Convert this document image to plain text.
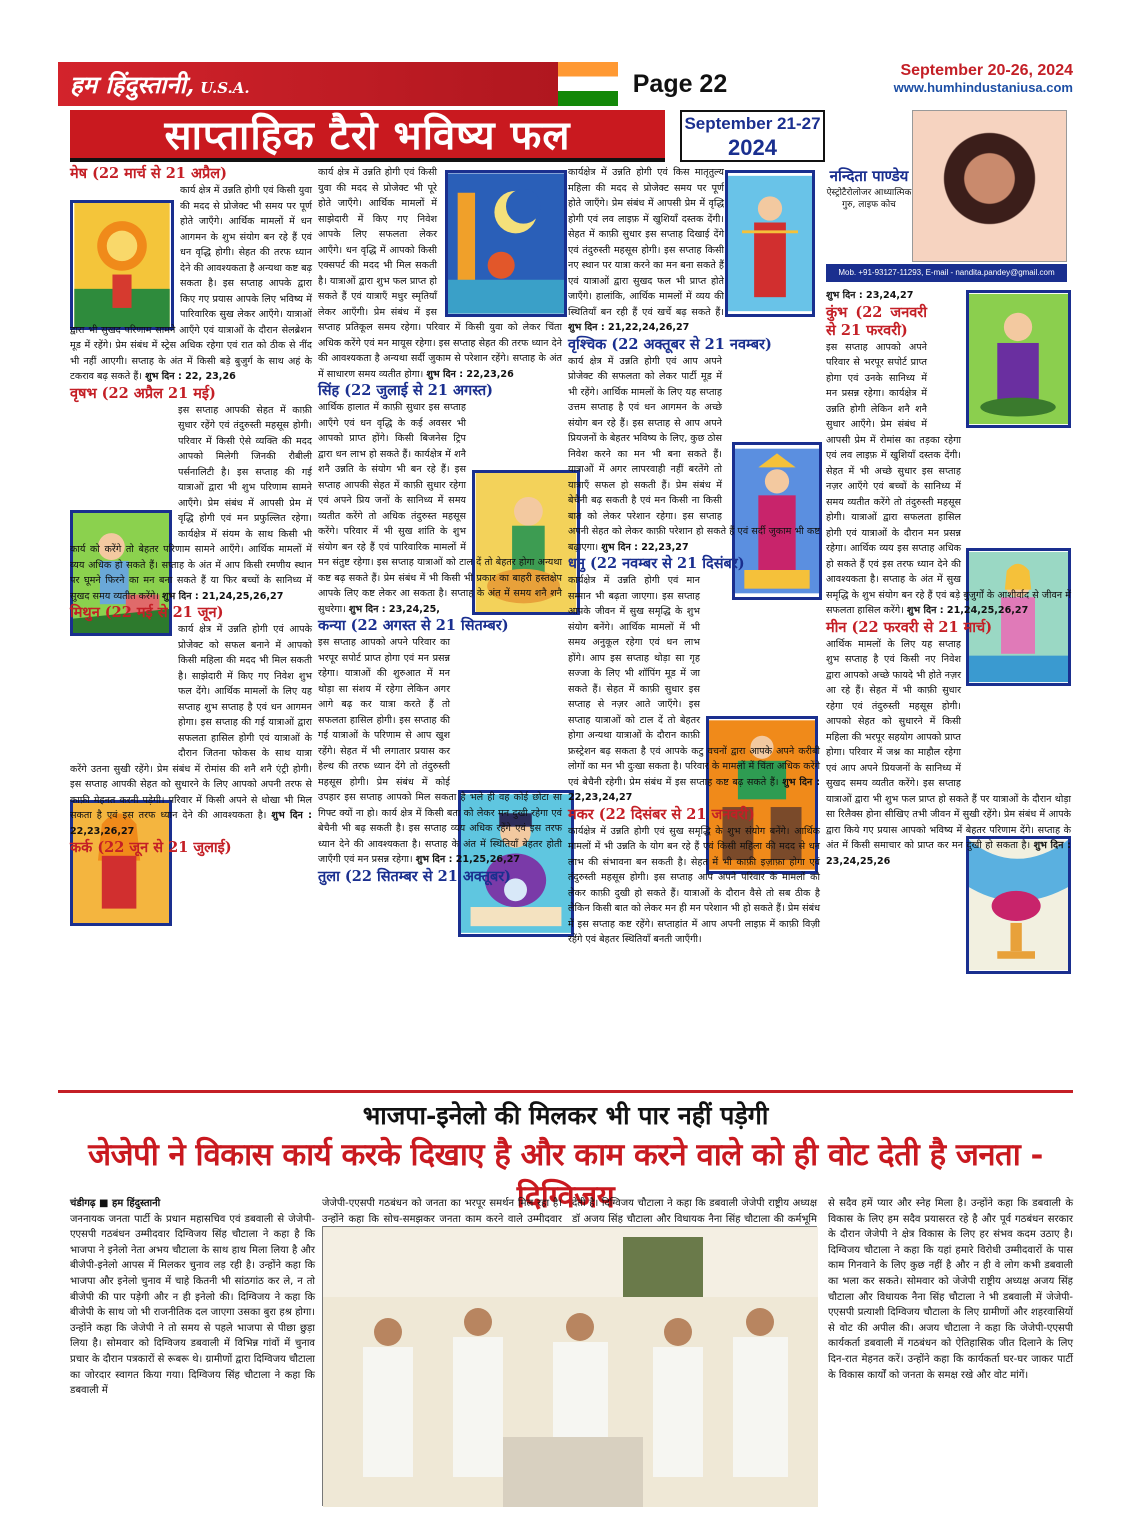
हम हिंदुस्तानी, U.S.A.	Page 22	September 20-26, 2024
www.humhindustaniusa.com
साप्ताहिक टैरो भविष्य फल	September 21-27
2024
नन्दिता पाण्डेय
ऐस्ट्रोटैरोलोजर आध्यात्मिक गुरु, लाइफ कोच
Mob. +91-93127-11293, E-mail - nandita.pandey@gmail.com
मेष (22 मार्च से 21 अप्रैल)
कार्य क्षेत्र में उन्नति होगी एवं किसी युवा की मदद से प्रोजेक्ट भी समय पर पूर्ण होते जाएँगे। आर्थिक मामलों में धन आगमन के शुभ संयोग बन रहे हैं एवं धन वृद्धि होगी। सेहत की तरफ ध्यान देने की आवश्यकता है अन्यथा कष्ट बढ़ सकता है। इस सप्ताह आपके द्वारा किए गए प्रयास आपके लिए भविष्य में पारिवारिक सुख लेकर आएँगे। यात्राओं द्वारा भी सुखद परिणाम सामने आएँगे एवं यात्राओं के दौरान सेलब्रेशन मूड में रहेंगे। प्रेम संबंध में स्ट्रेस अधिक रहेगा एवं रात को ठीक से नींद भी नहीं आएगी। सप्ताह के अंत में किसी बड़े बुजुर्ग के साथ अहं के टकराव बढ़ सकते हैं। शुभ दिन : 22, 23,26
वृषभ (22 अप्रैल 21 मई)
इस सप्ताह आपकी सेहत में काफ़ी सुधार रहेंगे एवं तंदुरुस्ती महसूस होगी। परिवार में किसी ऐसे व्यक्ति की मदद आपको मिलेगी जिनकी रौबीली पर्सनालिटी है। इस सप्ताह की गई यात्राओं द्वारा भी शुभ परिणाम सामने आएँगे। प्रेम संबंध में आपसी प्रेम में वृद्धि होगी एवं मन प्रफुल्लित रहेगा। कार्यक्षेत्र में संयम के साथ किसी भी कार्य को करेंगे तो बेहतर परिणाम सामने आएँगे। आर्थिक मामलों में व्यय अधिक हो सकते हैं। सप्ताह के अंत में आप किसी रमणीय स्थान पर घूमने फिरने का मन बना सकते हैं या फिर बच्चों के सानिध्य में सुखद समय व्यतीत करेंगे। शुभ दिन : 21,24,25,26,27
मिथुन (22 मई से 21 जून)
कार्य क्षेत्र में उन्नति होगी एवं आपके प्रोजेक्ट को सफल बनाने में आपको किसी महिला की मदद भी मिल सकती है। साझेदारी में किए गए निवेश शुभ फल देंगे। आर्थिक मामलों के लिए यह सप्ताह शुभ सप्ताह है एवं धन आगमन होगा। इस सप्ताह की गई यात्राओं द्वारा सफलता हासिल होगी एवं यात्राओं के दौरान जितना फोकस के साथ यात्रा करेंगे उतना सुखी रहेंगे। प्रेम संबंध में रोमांस की शनै शनै एंट्री होगी। इस सप्ताह आपकी सेहत को सुधारने के लिए आपको अपनी तरफ से काफ़ी मेहनत करनी पड़ेगी। परिवार में किसी अपने से धोखा भी मिल सकता है एवं इस तरफ ध्यान देने की आवश्यकता है। शुभ दिन : 22,23,26,27
कर्क (22 जून से 21 जुलाई)
कार्य क्षेत्र में उन्नति होगी एवं किसी युवा की मदद से प्रोजेक्ट भी पूरे होते जाएँगे। आर्थिक मामलों में साझेदारी में किए गए निवेश आपके लिए सफलता लेकर आएँगे। धन वृद्धि में आपको किसी एक्सपर्ट की मदद भी मिल सकती है। यात्राओं द्वारा शुभ फल प्राप्त हो सकते हैं एवं यात्राएँ मधुर स्मृतियाँ लेकर आएँगी। प्रेम संबंध में इस सप्ताह प्रतिकूल समय रहेगा। परिवार में किसी युवा को लेकर चिंता अधिक करेंगे एवं मन मायूस रहेगा। इस सप्ताह सेहत की तरफ ध्यान देने की आवश्यकता है अन्यथा सर्दी जुकाम से परेशान रहेंगे। सप्ताह के अंत में साधारण समय व्यतीत होगा। शुभ दिन : 22,23,26
सिंह (22 जुलाई से 21 अगस्त)
आर्थिक हालात में काफ़ी सुधार इस सप्ताह आएँगे एवं धन वृद्धि के कई अवसर भी आपको प्राप्त होंगे। किसी बिजनेस ट्रिप द्वारा धन लाभ हो सकते हैं। कार्यक्षेत्र में शनै शनै उन्नति के संयोग भी बन रहे हैं। इस सप्ताह आपकी सेहत में काफ़ी सुधार रहेगा एवं अपने प्रिय जनों के सानिध्य में समय व्यतीत करेंगे तो अधिक तंदुरुस्त महसूस करेंगे। परिवार में भी सुख शांति के शुभ संयोग बन रहे हैं एवं पारिवारिक मामलों में मन संतुष्ट रहेगा। इस सप्ताह यात्राओं को टाल दें तो बेहतर होगा अन्यथा कष्ट बढ़ सकते हैं। प्रेम संबंध में भी किसी भी प्रकार का बाहरी हस्तक्षेप आपके लिए कष्ट लेकर आ सकता है। सप्ताह के अंत में समय शनै शनै सुधरेगा। शुभ दिन : 23,24,25,
कन्या (22 अगस्त से 21 सितम्बर)
इस सप्ताह आपको अपने परिवार का भरपूर सपोर्ट प्राप्त होगा एवं मन प्रसन्न रहेगा। यात्राओं की शुरुआत में मन थोड़ा सा संशय में रहेगा लेकिन अगर आगे बढ़ कर यात्रा करते हैं तो सफलता हासिल होगी। इस सप्ताह की गई यात्राओं के परिणाम से आप खुश रहेंगे। सेहत में भी लगातार प्रयास कर हेल्थ की तरफ ध्यान देंगे तो तंदुरुस्ती महसूस होगी। प्रेम संबंध में कोई उपहार इस सप्ताह आपको मिल सकता है भले ही वह कोई छोटा सा गिफ्ट क्यों ना हो। कार्य क्षेत्र में किसी बता को लेकर मन दुखी रहेगा एवं बेचैनी भी बढ़ सकती है। इस सप्ताह व्यय अधिक रहेंगे एवं इस तरफ ध्यान देने की आवश्यकता है। सप्ताह के अंत में स्थितियाँ बेहतर होती जाएँगी एवं मन प्रसन्न रहेगा। शुभ दिन : 21,25,26,27
तुला (22 सितम्बर से 21 अक्तूबर)
कार्यक्षेत्र में उन्नति होगी एवं किस मातृतुल्य महिला की मदद से प्रोजेक्ट समय पर पूर्ण होते जाएँगे। प्रेम संबंध में आपसी प्रेम में वृद्धि होगी एवं लव लाइफ़ में खुशियाँ दस्तक देंगी। सेहत में काफ़ी सुधार इस सप्ताह दिखाई देंगे एवं तंदुरुस्ती महसूस होगी। इस सप्ताह किसी नए स्थान पर यात्रा करने का मन बना सकते हैं एवं यात्राओं द्वारा सुखद फल भी प्राप्त होते जाएँगे। हालांकि, आर्थिक मामलों में व्यय की स्थितियाँ बन रही हैं एवं खर्चे बढ़ सकते हैं। शुभ दिन : 21,22,24,26,27
वृश्चिक (22 अक्तूबर से 21 नवम्बर)
कार्य क्षेत्र में उन्नति होगी एवं आप अपने प्रोजेक्ट की सफलता को लेकर पार्टी मूड में भी रहेंगे। आर्थिक मामलों के लिए यह सप्ताह उत्तम सप्ताह है एवं धन आगमन के अच्छे संयोग बन रहे हैं। इस सप्ताह से आप अपने प्रियजनों के बेहतर भविष्य के लिए, कुछ ठोस निवेश करने का मन भी बना सकते हैं। यात्राओं में अगर लापरवाही नहीं बरतेंगे तो यात्राएँ सफल हो सकती हैं। प्रेम संबंध में बेचैनी बढ़ सकती है एवं मन किसी ना किसी बात को लेकर परेशान रहेगा। इस सप्ताह अपनी सेहत को लेकर काफ़ी परेशान हो सकते हैं एवं सर्दी जुकाम भी कष्ट बढ़ाएगा। शुभ दिन : 22,23,27
धनु (22 नवम्बर से 21 दिसंबर)
कार्यक्षेत्र में उन्नति होगी एवं मान सम्मान भी बढ़ता जाएगा। इस सप्ताह आपके जीवन में सुख समृद्धि के शुभ संयोग बनेंगे। आर्थिक मामलों में भी समय अनुकूल रहेगा एवं धन लाभ होंगे। आप इस सप्ताह थोड़ा सा गृह सज्जा के लिए भी शॉपिंग मूड में जा सकते हैं। सेहत में काफ़ी सुधार इस सप्ताह से नज़र आते जाएँगे। इस सप्ताह यात्राओं को टाल दें तो बेहतर होगा अन्यथा यात्राओं के दौरान काफ़ी फ्रस्ट्रेशन बढ़ सकता है एवं आपके कटु वचनों द्वारा आपके अपने करीबी लोगों का मन भी दुःखा सकता है। परिवार के मामलों में चिंता अधिक करेंगे एवं बेचैनी रहेगी। प्रेम संबंध में इस सप्ताह कष्ट बढ़ सकते हैं। शुभ दिन : 22,23,24,27
मकर (22 दिसंबर से 21 जनवरी)
कार्यक्षेत्र में उन्नति होगी एवं सुख समृद्धि के शुभ संयोग बनेंगे। आर्थिक मामलों में भी उन्नति के योग बन रहे हैं एवं किसी महिला की मदद से धन लाभ की संभावना बन सकती है। सेहत में भी काफ़ी इज़ाफ़ा होगा एवं तंदुरुस्ती महसूस होगी। इस सप्ताह आप अपने परिवार के मामलों को लेकर काफ़ी दुखी हो सकते हैं। यात्राओं के दौरान वैसे तो सब ठीक है लेकिन किसी बात को लेकर मन ही मन परेशान भी हो सकते हैं। प्रेम संबंध में इस सप्ताह कष्ट रहेंगे। सप्ताहांत में आप अपनी लाइफ़ में काफ़ी विज़ी रहेंगे एवं बेहतर स्थितियाँ बनती जाएँगी।
शुभ दिन : 23,24,27
कुंभ (22 जनवरी से 21 फरवरी)
इस सप्ताह आपको अपने परिवार से भरपूर सपोर्ट प्राप्त होगा एवं उनके सानिध्य में मन प्रसन्न रहेगा। कार्यक्षेत्र में उन्नति होगी लेकिन शनै शनै सुधार आएँगे। प्रेम संबंध में आपसी प्रेम में रोमांस का तड़का रहेगा एवं लव लाइफ़ में खुशियाँ दस्तक देंगी। सेहत में भी अच्छे सुधार इस सप्ताह नज़र आएँगे एवं बच्चों के सानिध्य में समय व्यतीत करेंगे तो तंदुरुस्ती महसूस होगी। यात्राओं द्वारा सफलता हासिल होगी एवं यात्राओं के दौरान मन प्रसन्न रहेगा। आर्थिक व्यय इस सप्ताह अधिक हो सकते हैं एवं इस तरफ ध्यान देने की आवश्यकता है। सप्ताह के अंत में सुख समृद्धि के शुभ संयोग बन रहे हैं एवं बड़े बुजुर्गों के आशीर्वाद से जीवन में सफलता हासिल करेंगे। शुभ दिन : 21,24,25,26,27
मीन (22 फरवरी से 21 मार्च)
आर्थिक मामलों के लिए यह सप्ताह शुभ सप्ताह है एवं किसी नए निवेश द्वारा आपको अच्छे फायदे भी होते नज़र आ रहे हैं। सेहत में भी काफ़ी सुधार रहेगा एवं तंदुरुस्ती महसूस होगी। आपको सेहत को सुधारने में किसी महिला की भरपूर सहयोग आपको प्राप्त होगा। परिवार में जश्न का माहौल रहेगा एवं आप अपने प्रियजनों के सानिध्य में सुखद समय व्यतीत करेंगे। इस सप्ताह यात्राओं द्वारा भी शुभ फल प्राप्त हो सकते हैं पर यात्राओं के दौरान थोड़ा सा रिलैक्स होना सीखिए तभी जीवन में सुखी रहेंगे। प्रेम संबंध में आपके द्वारा किये गए प्रयास आपको भविष्य में बेहतर परिणाम देंगे। सप्ताह के अंत में किसी समाचार को प्राप्त कर मन दुखी हो सकता है। शुभ दिन : 23,24,25,26
भाजपा-इनेलो की मिलकर भी पार नहीं पड़ेगी
जेजेपी ने विकास कार्य करके दिखाए है और काम करने वाले को ही वोट देती है जनता - दिग्विजय
चंडीगढ़ ■ हम हिंदुस्तानी
जननायक जनता पार्टी के प्रधान महासचिव एवं डबवाली से जेजेपी-एएसपी गठबंधन उम्मीदवार दिग्विजय सिंह चौटाला ने कहा है कि भाजपा ने इनेलो नेता अभय चौटाला के साथ हाथ मिला लिया है और बीजेपी-इनेलो आपस में मिलकर चुनाव लड़ रही है। उन्होंने कहा कि भाजपा और इनेलो चुनाव में चाहे कितनी भी सांठगांठ कर ले, न तो बीजेपी की पार पड़ेगी और न ही इनेलो की। दिग्विजय ने कहा कि बीजेपी के साथ जो भी राजनीतिक दल जाएगा उसका बुरा हश्र होगा। उन्होंने कहा कि जेजेपी ने तो समय से पहले भाजपा से पीछा छुड़ा लिया है। सोमवार को दिग्विजय डबवाली में विभिन्न गांवों में चुनाव प्रचार के दौरान पत्रकारों से रूबरू थे। ग्रामीणों द्वारा दिग्विजय चौटाला का जोरदार स्वागत किया गया। दिग्विजय सिंह चौटाला ने कहा कि डबवाली में
जेजेपी-एएसपी गठबंधन को जनता का भरपूर समर्थन मिल रहा है। उन्होंने कहा कि सोच-समझकर जनता काम करने वाले उम्मीदवार
देती है। दिग्विजय चौटाला ने कहा कि डबवाली जेजेपी राष्ट्रीय अध्यक्ष डॉ अजय सिंह चौटाला और विधायक नैना सिंह चौटाला की कर्मभूमि
से सदैव हमें प्यार और स्नेह मिला है। उन्होंने कहा कि डबवाली के विकास के लिए हम सदैव प्रयासरत रहे है और पूर्व गठबंधन सरकार के दौरान जेजेपी ने क्षेत्र विकास के लिए हर संभव कदम उठाए है। दिग्विजय चौटाला ने कहा कि यहां हमारे विरोधी उम्मीदवारों के पास काम गिनवाने के लिए कुछ नहीं है और न ही वे लोग कभी डबवाली का भला कर सकते। सोमवार को जेजेपी राष्ट्रीय अध्यक्ष अजय सिंह चौटाला और विधायक नैना सिंह चौटाला ने भी डबवाली में जेजेपी-एएसपी प्रत्याशी दिग्विजय चौटाला के लिए ग्रामीणों और शहरवासियों से वोट की अपील की। अजय चौटाला ने कहा कि जेजेपी-एएसपी कार्यकर्ता डबवाली में गठबंधन को ऐतिहासिक जीत दिलाने के लिए दिन-रात मेहनत करें। उन्होंने कहा कि कार्यकर्ता घर-घर जाकर पार्टी के विकास कार्यों को जनता के समक्ष रखे और वोट मांगें।
